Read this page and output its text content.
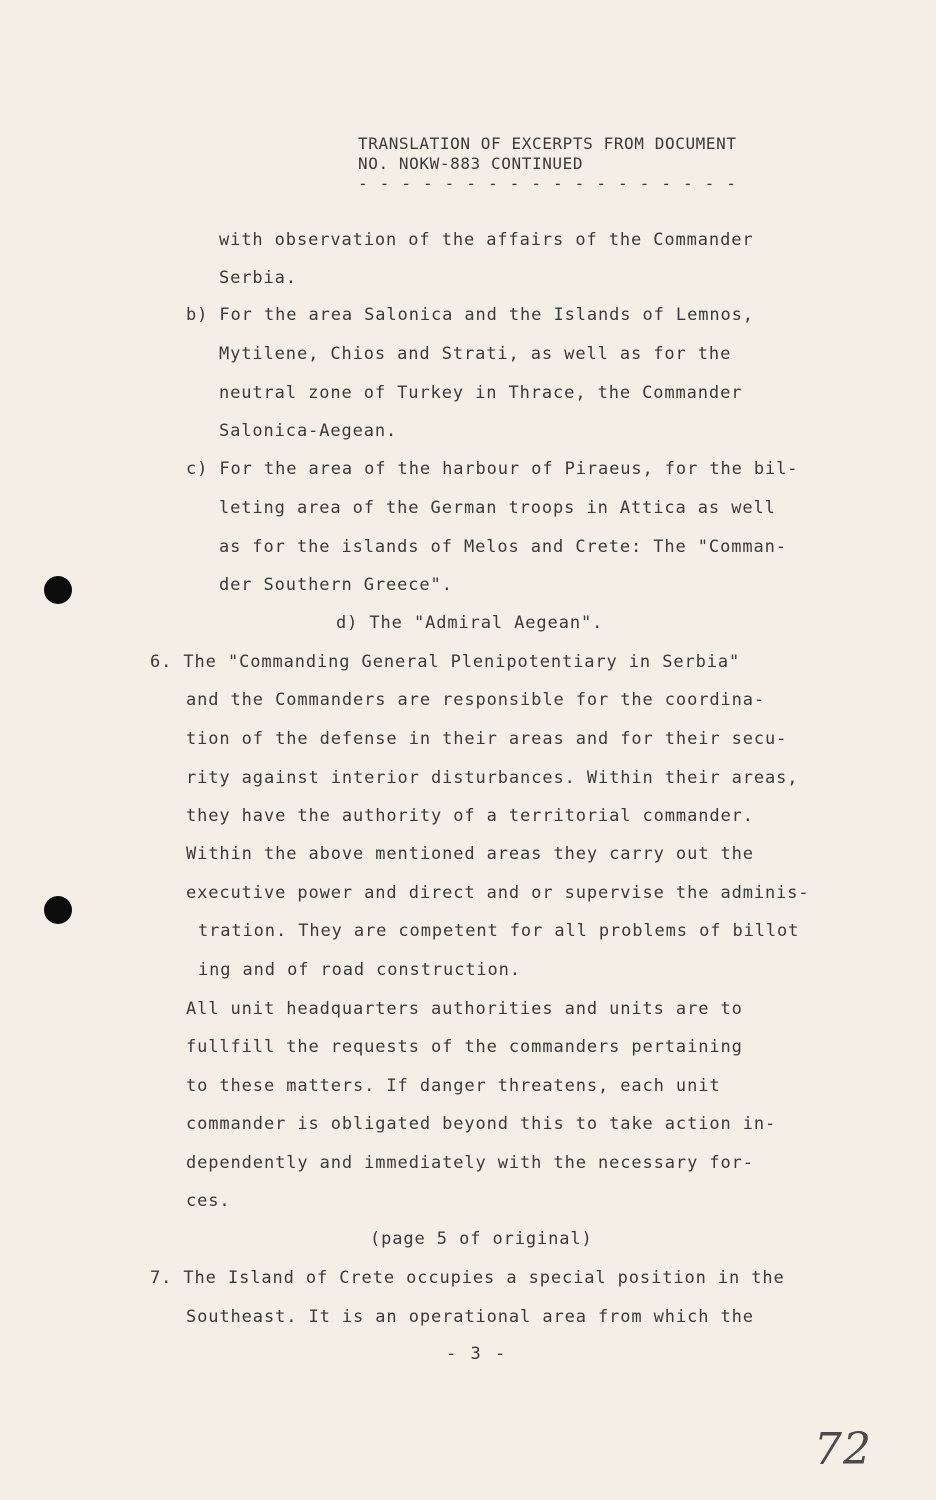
TRANSLATION OF EXCERPTS FROM DOCUMENT
NO. NOKW-883 CONTINUED
- - - - - - - - - - - - - - - - - -
with observation of the affairs of the Commander
Serbia.
b) For the area Salonica and the Islands of Lemnos,
Mytilene, Chios and Strati, as well as for the
neutral zone of Turkey in Thrace, the Commander
Salonica-Aegean.
c) For the area of the harbour of Piraeus, for the bil-
leting area of the German troops in Attica as well
as for the islands of Melos and Crete: The "Comman-
der Southern Greece".
d) The "Admiral Aegean".
6. The "Commanding General Plenipotentiary in Serbia"
and the Commanders are responsible for the coordina-
tion of the defense in their areas and for their secu-
rity against interior disturbances. Within their areas,
they have the authority of a territorial commander.
Within the above mentioned areas they carry out the
executive power and direct and or supervise the adminis-
tration. They are competent for all problems of billot
ing and of road construction.
All unit headquarters authorities and units are to
fullfill the requests of the commanders pertaining
to these matters. If danger threatens, each unit
commander is obligated beyond this to take action in-
dependently and immediately with the necessary for-
ces.
(page 5 of original)
7. The Island of Crete occupies a special position in the
Southeast. It is an operational area from which the
- 3 -
72
